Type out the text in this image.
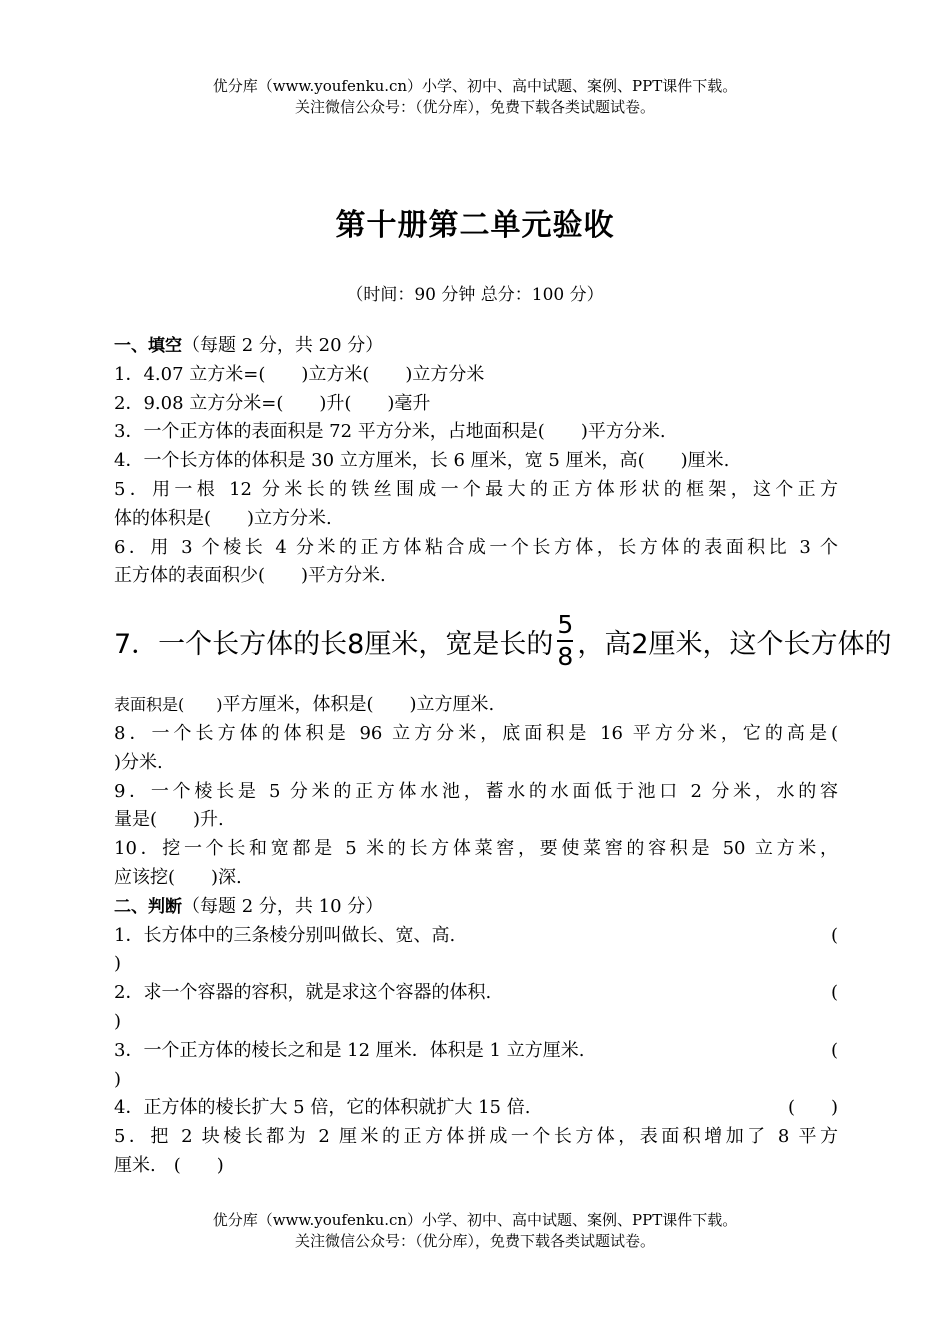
优分库（www.youfenku.cn）小学、初中、高中试题、案例、PPT课件下载。
关注微信公众号：（优分库），免费下载各类试题试卷。
第十册第二单元验收
（时间：90 分钟 总分：100 分）
一、填空（每题 2 分，共 20 分）
1．4.07 立方米=(　　)立方米(　　)立方分米
2．9.08 立方分米=(　　)升(　　)毫升
3．一个正方体的表面积是 72 平方分米，占地面积是(　　)平方分米.
4．一个长方体的体积是 30 立方厘米，长 6 厘米，宽 5 厘米，高(　　)厘米.
5．用一根 12 分米长的铁丝围成一个最大的正方体形状的框架，这个正方
体的体积是(　　)立方分米.
6．用 3 个棱长 4 分米的正方体粘合成一个长方体，长方体的表面积比 3 个
正方体的表面积少(　　)平方分米.
7．一个长方体的长8厘米，宽是长的 $\frac{5}{8}$ ，高2厘米，这个长方体的
表面积是(　　)平方厘米，体积是(　　)立方厘米.
8．一个长方体的体积是 96 立方分米，底面积是 16 平方分米，它的高是(
)分米.
9．一个棱长是 5 分米的正方体水池，蓄水的水面低于池口 2 分米，水的容
量是(　　)升.
10．挖一个长和宽都是 5 米的长方体菜窖，要使菜窖的容积是 50 立方米，
应该挖(　　)深.
二、判断（每题 2 分，共 10 分）
1．长方体中的三条棱分别叫做长、宽、高.	(
)
2．求一个容器的容积，就是求这个容器的体积.	(
)
3．一个正方体的棱长之和是 12 厘米．体积是 1 立方厘米.	(
)
4．正方体的棱长扩大 5 倍，它的体积就扩大 15 倍.	(　　)
5．把 2 块棱长都为 2 厘米的正方体拼成一个长方体，表面积增加了 8 平方
厘米.　(　　)
优分库（www.youfenku.cn）小学、初中、高中试题、案例、PPT课件下载。
关注微信公众号：（优分库），免费下载各类试题试卷。
